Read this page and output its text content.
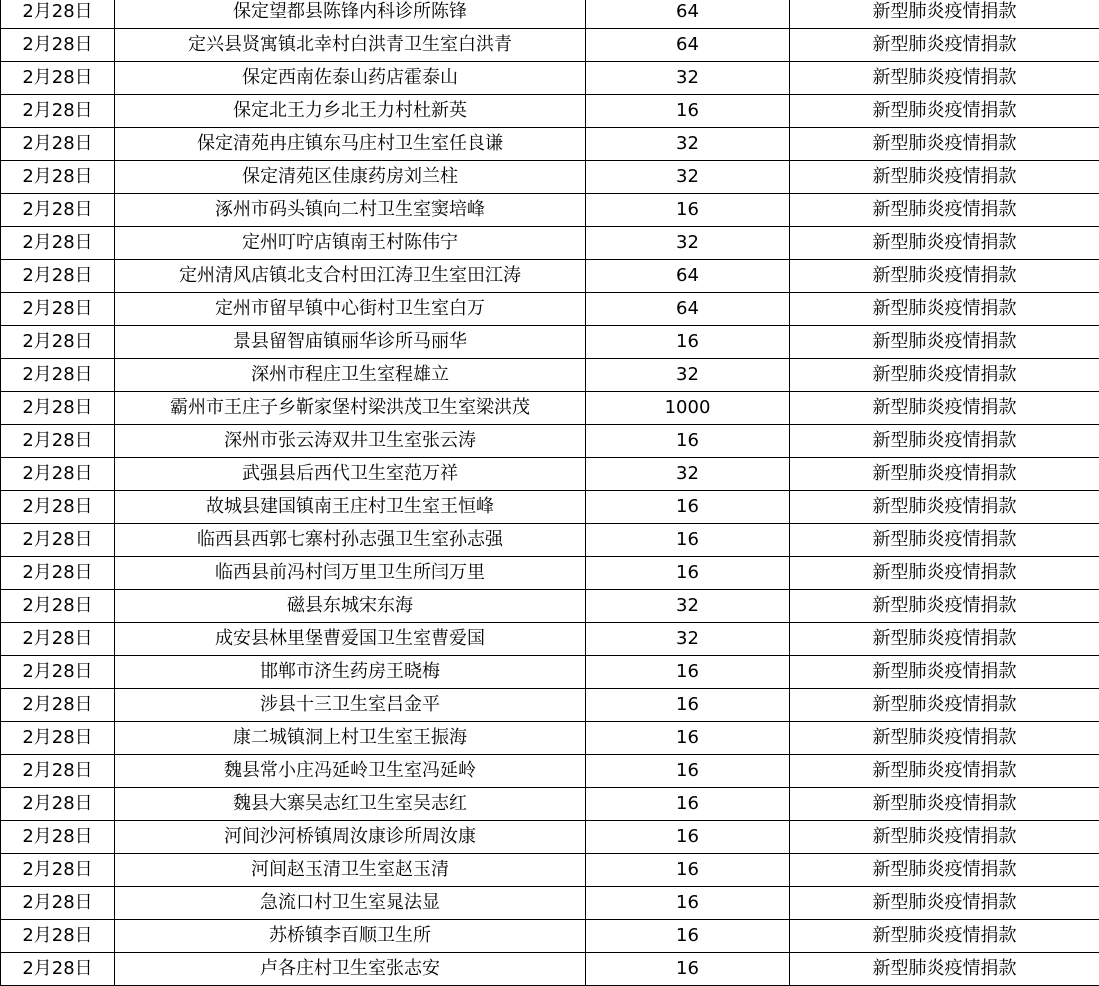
2月28日	保定望都县陈锋内科诊所陈锋	64	新型肺炎疫情捐款
2月28日	定兴县贤寓镇北幸村白洪青卫生室白洪青	64	新型肺炎疫情捐款
2月28日	保定西南佐泰山药店霍泰山	32	新型肺炎疫情捐款
2月28日	保定北王力乡北王力村杜新英	16	新型肺炎疫情捐款
2月28日	保定清苑冉庄镇东马庄村卫生室任良谦	32	新型肺炎疫情捐款
2月28日	保定清苑区佳康药房刘兰柱	32	新型肺炎疫情捐款
2月28日	涿州市码头镇向二村卫生室窦培峰	16	新型肺炎疫情捐款
2月28日	定州叮咛店镇南王村陈伟宁	32	新型肺炎疫情捐款
2月28日	定州清风店镇北支合村田江涛卫生室田江涛	64	新型肺炎疫情捐款
2月28日	定州市留早镇中心街村卫生室白万	64	新型肺炎疫情捐款
2月28日	景县留智庙镇丽华诊所马丽华	16	新型肺炎疫情捐款
2月28日	深州市程庄卫生室程雄立	32	新型肺炎疫情捐款
2月28日	霸州市王庄子乡靳家堡村梁洪茂卫生室梁洪茂	1000	新型肺炎疫情捐款
2月28日	深州市张云涛双井卫生室张云涛	16	新型肺炎疫情捐款
2月28日	武强县后西代卫生室范万祥	32	新型肺炎疫情捐款
2月28日	故城县建国镇南王庄村卫生室王恒峰	16	新型肺炎疫情捐款
2月28日	临西县西郭七寨村孙志强卫生室孙志强	16	新型肺炎疫情捐款
2月28日	临西县前冯村闫万里卫生所闫万里	16	新型肺炎疫情捐款
2月28日	磁县东城宋东海	32	新型肺炎疫情捐款
2月28日	成安县林里堡曹爱国卫生室曹爱国	32	新型肺炎疫情捐款
2月28日	邯郸市济生药房王晓梅	16	新型肺炎疫情捐款
2月28日	涉县十三卫生室吕金平	16	新型肺炎疫情捐款
2月28日	康二城镇洞上村卫生室王振海	16	新型肺炎疫情捐款
2月28日	魏县常小庄冯延岭卫生室冯延岭	16	新型肺炎疫情捐款
2月28日	魏县大寨吴志红卫生室吴志红	16	新型肺炎疫情捐款
2月28日	河间沙河桥镇周汝康诊所周汝康	16	新型肺炎疫情捐款
2月28日	河间赵玉清卫生室赵玉清	16	新型肺炎疫情捐款
2月28日	急流口村卫生室晁法显	16	新型肺炎疫情捐款
2月28日	苏桥镇李百顺卫生所	16	新型肺炎疫情捐款
2月28日	卢各庄村卫生室张志安	16	新型肺炎疫情捐款
